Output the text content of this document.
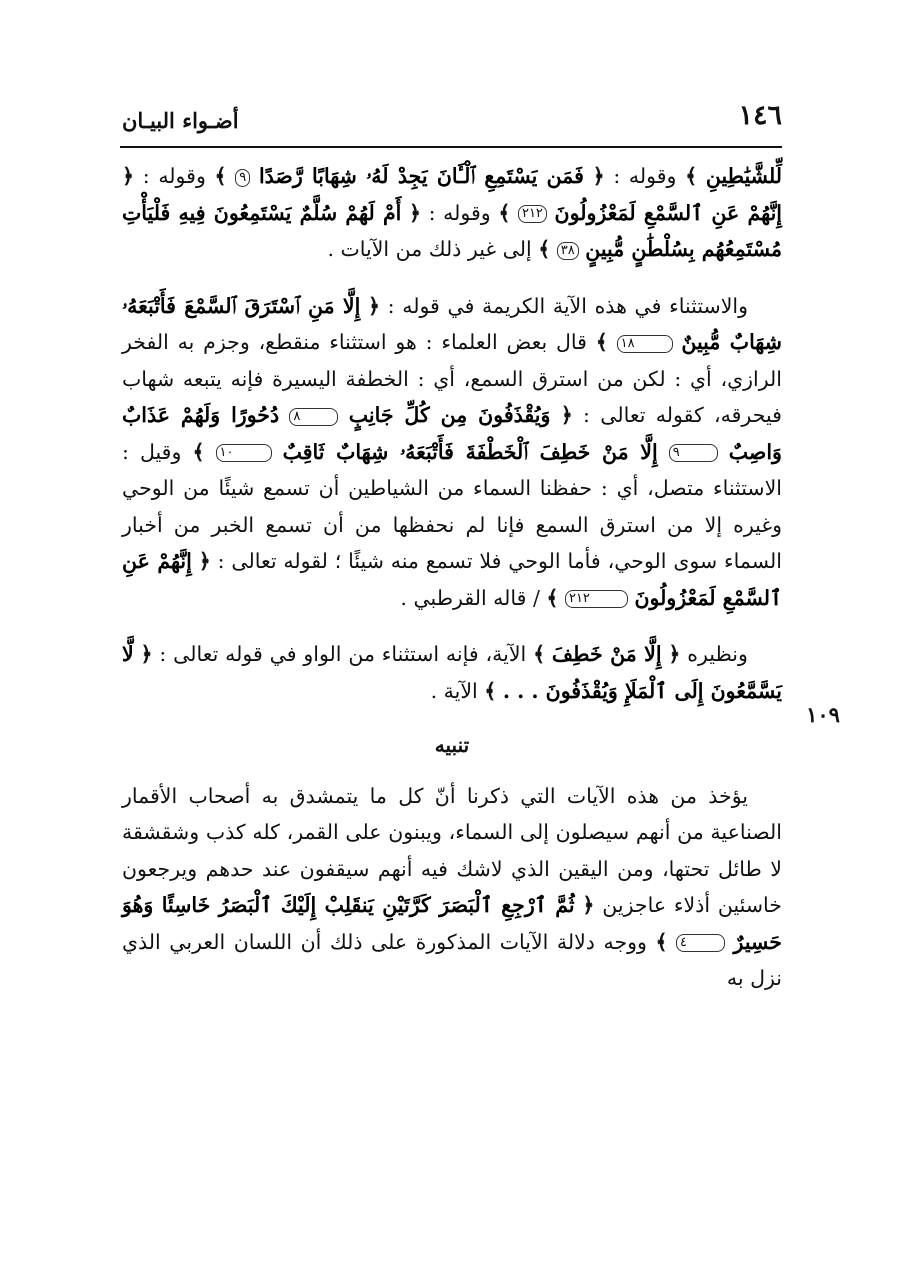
١٤٦
أضـواء البيـان
١٠٩

لِّلشَّيَٰطِينِ ﴾ وقوله : ﴿ فَمَن يَسْتَمِعِ ٱلْـَٔانَ يَجِدْ لَهُۥ شِهَابًا رَّصَدًا ٩ ﴾ وقوله : ﴿ إِنَّهُمْ عَنِ ٱلسَّمْعِ لَمَعْزُولُونَ ٢١٢ ﴾ وقوله : ﴿ أَمْ لَهُمْ سُلَّمٌ يَسْتَمِعُونَ فِيهِ فَلْيَأْتِ مُسْتَمِعُهُم بِسُلْطَٰنٍ مُّبِينٍ ٣٨ ﴾ إلى غير ذلك من الآيات .

والاستثناء في هذه الآية الكريمة في قوله : ﴿ إِلَّا مَنِ ٱسْتَرَقَ ٱلسَّمْعَ فَأَتْبَعَهُۥ شِهَابٌ مُّبِينٌ ١٨ ﴾ قال بعض العلماء : هو استثناء منقطع، وجزم به الفخر الرازي، أي : لكن من استرق السمع، أي : الخطفة اليسيرة فإنه يتبعه شهاب فيحرقه، كقوله تعالى : ﴿ وَيُقْذَفُونَ مِن كُلِّ جَانِبٍ ٨ دُحُورًا وَلَهُمْ عَذَابٌ وَاصِبٌ ٩ إِلَّا مَنْ خَطِفَ ٱلْخَطْفَةَ فَأَتْبَعَهُۥ شِهَابٌ ثَاقِبٌ ١٠ ﴾ وقيل : الاستثناء متصل، أي : حفظنا السماء من الشياطين أن تسمع شيئًا من الوحي وغيره إلا من استرق السمع فإنا لم نحفظها من أن تسمع الخبر من أخبار السماء سوى الوحي، فأما الوحي فلا تسمع منه شيئًا ؛ لقوله تعالى : ﴿ إِنَّهُمْ عَنِ ٱلسَّمْعِ لَمَعْزُولُونَ ٢١٢ ﴾ / قاله القرطبي .

ونظيره ﴿ إِلَّا مَنْ خَطِفَ ﴾ الآية، فإنه استثناء من الواو في قوله تعالى : ﴿ لَّا يَسَّمَّعُونَ إِلَى ٱلْمَلَإِ وَيُقْذَفُونَ . . . ﴾ الآية .

تنبيه

يؤخذ من هذه الآيات التي ذكرنا أنّ كل ما يتمشدق به أصحاب الأقمار الصناعية من أنهم سيصلون إلى السماء، ويبنون على القمر، كله كذب وشقشقة لا طائل تحتها، ومن اليقين الذي لاشك فيه أنهم سيقفون عند حدهم ويرجعون خاسئين أذلاء عاجزين ﴿ ثُمَّ ٱرْجِعِ ٱلْبَصَرَ كَرَّتَيْنِ يَنقَلِبْ إِلَيْكَ ٱلْبَصَرُ خَاسِئًا وَهُوَ حَسِيرٌ ٤ ﴾ ووجه دلالة الآيات المذكورة على ذلك أن اللسان العربي الذي نزل به
